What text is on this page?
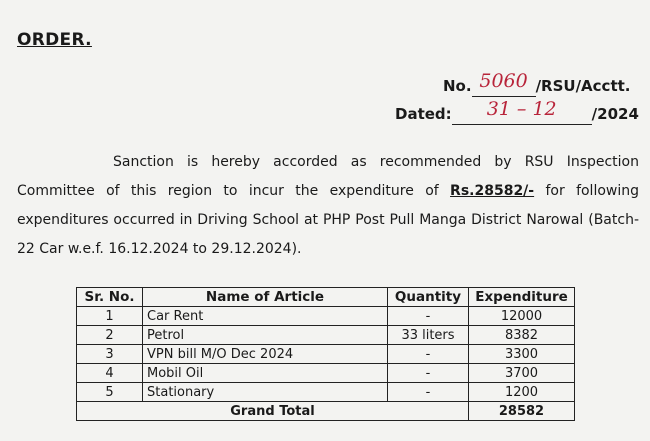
ORDER.
No. 5060 /RSU/Acctt.
Dated: 31 – 12 /2024
Sanction is hereby accorded as recommended by RSU Inspection Committee of this region to incur the expenditure of Rs.28582/- for following expenditures occurred in Driving School at PHP Post Pull Manga District Narowal (Batch-22 Car w.e.f. 16.12.2024 to 29.12.2024).
Sr. No.	Name of Article	Quantity	Expenditure
1	Car Rent	-	12000
2	Petrol	33 liters	8382
3	VPN bill M/O Dec 2024	-	3300
4	Mobil Oil	-	3700
5	Stationary	-	1200
Grand Total			28582
